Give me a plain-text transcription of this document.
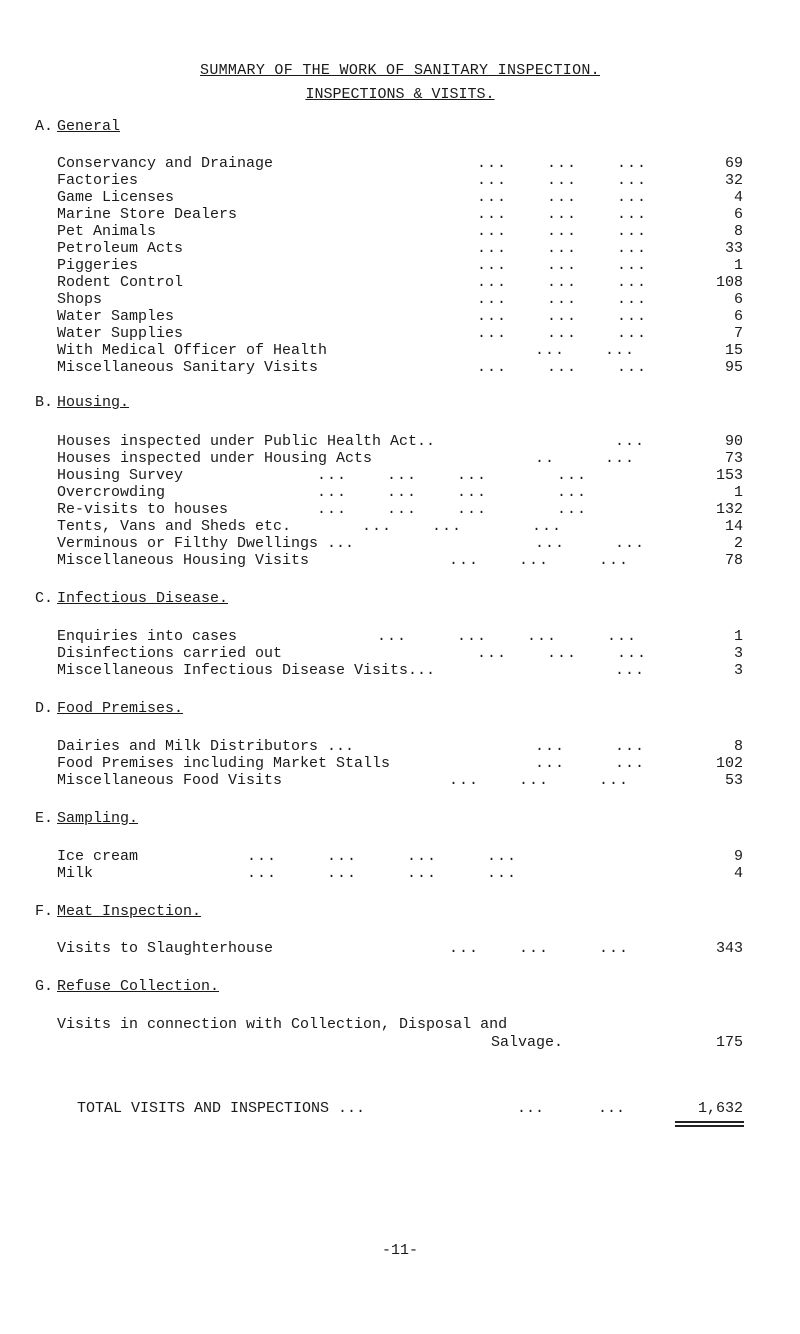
SUMMARY OF THE WORK OF SANITARY INSPECTION.
INSPECTIONS & VISITS.
A. General
Conservancy and Drainage	...    ...    ...	69
Factories	...    ...    ...	32
Game Licenses	...    ...    ...	4
Marine Store Dealers	...    ...    ...	6
Pet Animals	...    ...    ...	8
Petroleum Acts	...    ...    ...	33
Piggeries	...    ...    ...	1
Rodent Control	...    ...    ...	108
Shops	...    ...    ...	6
Water Samples	...    ...    ...	6
Water Supplies	...    ...    ...	7
With Medical Officer of Health	...    ...	15
Miscellaneous Sanitary Visits	...    ...    ...	95
B. Housing.
Houses inspected under Public Health Act..	...	90
Houses inspected under Housing Acts	..     ...	73
Housing Survey	...    ...    ...       ...	153
Overcrowding	...    ...    ...       ...	1
Re-visits to houses	...    ...    ...       ...	132
Tents, Vans and Sheds etc.	...    ...       ...	14
Verminous or Filthy Dwellings ...	...     ...	2
Miscellaneous Housing Visits	...    ...     ...	78
C. Infectious Disease.
Enquiries into cases	...     ...    ...     ...	1
Disinfections carried out	...    ...    ...	3
Miscellaneous Infectious Disease Visits...	...	3
D. Food Premises.
Dairies and Milk Distributors ...	...     ...	8
Food Premises including Market Stalls	...     ...	102
Miscellaneous Food Visits	...    ...     ...	53
E. Sampling.
Ice cream	...     ...     ...     ...	9
Milk	...     ...     ...     ...	4
F. Meat Inspection.
Visits to Slaughterhouse	...    ...     ...	343
G. Refuse Collection.
Visits in connection with Collection, Disposal and
Salvage.	175
TOTAL VISITS AND INSPECTIONS ...	...      ...	1,632
-11-
